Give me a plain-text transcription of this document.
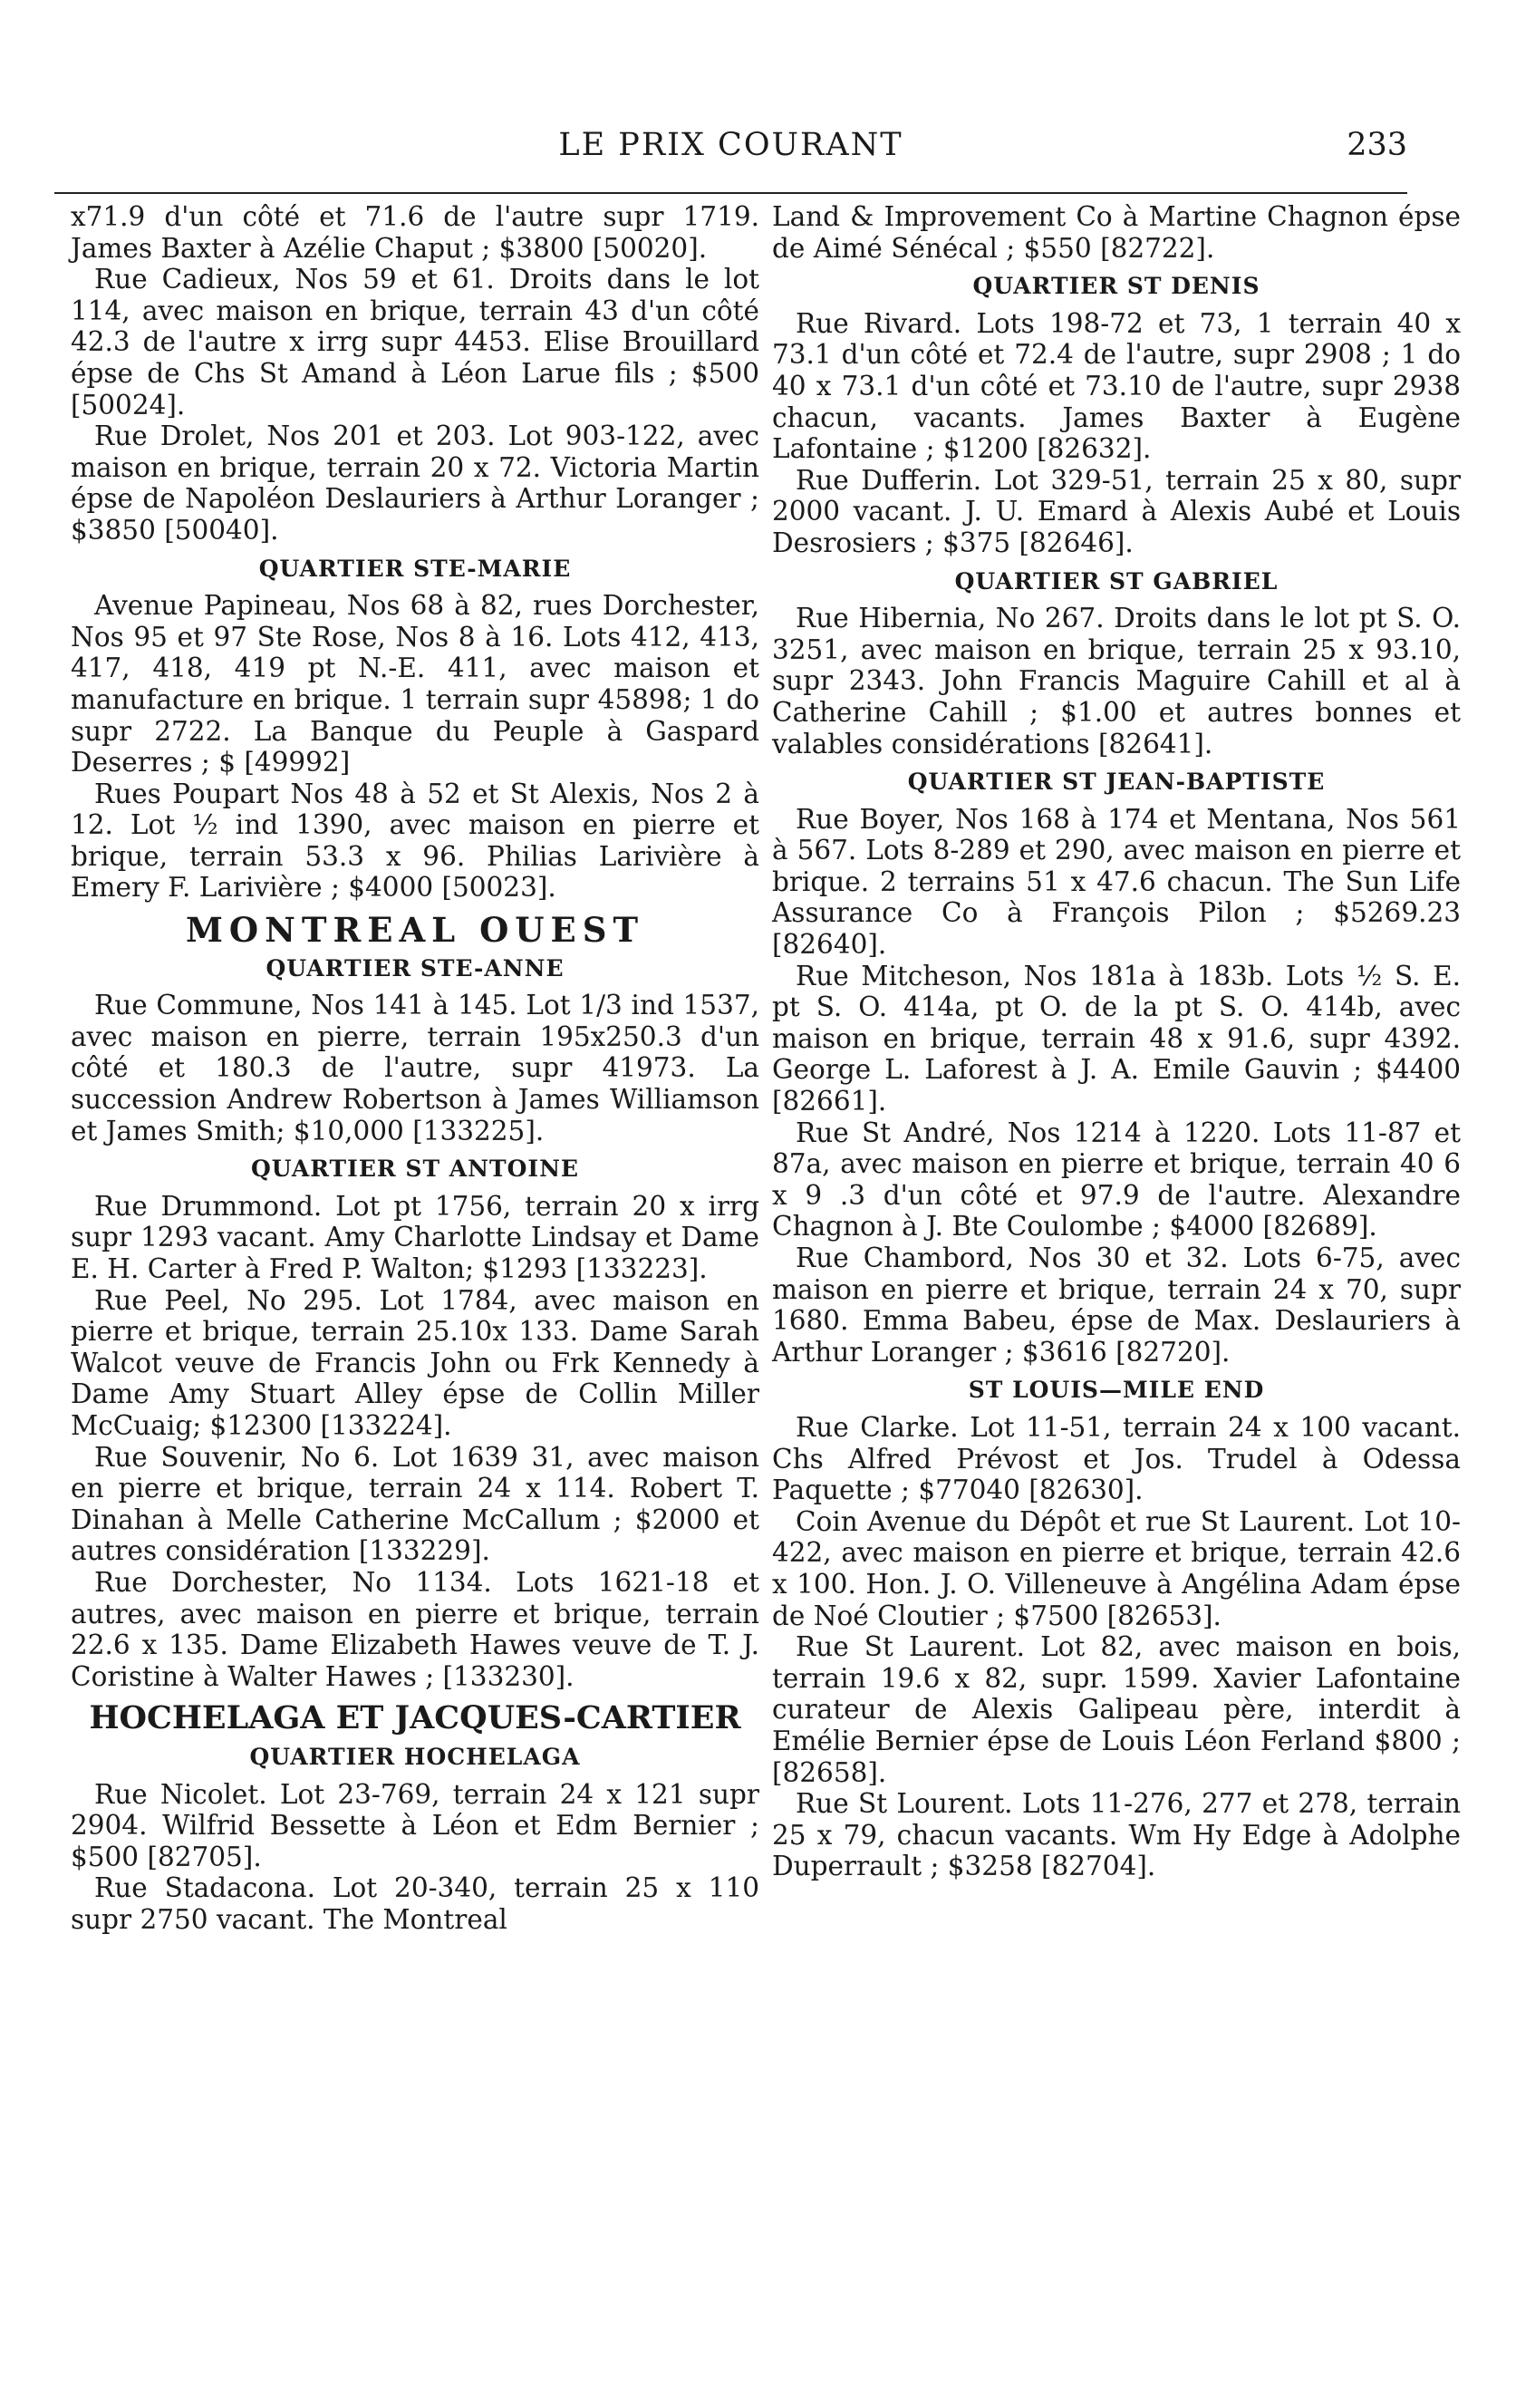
LE PRIX COURANT	233

x71.9 d'un côté et 71.6 de l'autre supr 1719. James Baxter à Azélie Chaput ; $3800 [50020].

Rue Cadieux, Nos 59 et 61. Droits dans le lot 114, avec maison en brique, terrain 43 d'un côté 42.3 de l'autre x irrg supr 4453. Elise Brouillard épse de Chs St Amand à Léon Larue fils ; $500 [50024].

Rue Drolet, Nos 201 et 203. Lot 903-122, avec maison en brique, terrain 20 x 72. Victoria Martin épse de Napoléon Deslauriers à Arthur Loranger ; $3850 [50040].

QUARTIER STE-MARIE

Avenue Papineau, Nos 68 à 82, rues Dorchester, Nos 95 et 97 Ste Rose, Nos 8 à 16. Lots 412, 413, 417, 418, 419 pt N.-E. 411, avec maison et manufacture en brique. 1 terrain supr 45898; 1 do supr 2722. La Banque du Peuple à Gaspard Deserres ; $ [49992]

Rues Poupart Nos 48 à 52 et St Alexis, Nos 2 à 12. Lot ½ ind 1390, avec maison en pierre et brique, terrain 53.3 x 96. Philias Larivière à Emery F. Larivière ; $4000 [50023].

MONTREAL OUEST
QUARTIER STE-ANNE

Rue Commune, Nos 141 à 145. Lot 1/3 ind 1537, avec maison en pierre, terrain 195x250.3 d'un côté et 180.3 de l'autre, supr 41973. La succession Andrew Robertson à James Williamson et James Smith; $10,000 [133225].

QUARTIER ST ANTOINE

Rue Drummond. Lot pt 1756, terrain 20 x irrg supr 1293 vacant. Amy Charlotte Lindsay et Dame E. H. Carter à Fred P. Walton; $1293 [133223].

Rue Peel, No 295. Lot 1784, avec maison en pierre et brique, terrain 25.10x 133. Dame Sarah Walcot veuve de Francis John ou Frk Kennedy à Dame Amy Stuart Alley épse de Collin Miller McCuaig; $12300 [133224].

Rue Souvenir, No 6. Lot 1639 31, avec maison en pierre et brique, terrain 24 x 114. Robert T. Dinahan à Melle Catherine McCallum ; $2000 et autres considération [133229].

Rue Dorchester, No 1134. Lots 1621-18 et autres, avec maison en pierre et brique, terrain 22.6 x 135. Dame Elizabeth Hawes veuve de T. J. Coristine à Walter Hawes ; [133230].

HOCHELAGA ET JACQUES-CARTIER
QUARTIER HOCHELAGA

Rue Nicolet. Lot 23-769, terrain 24 x 121 supr 2904. Wilfrid Bessette à Léon et Edm Bernier ; $500 [82705].

Rue Stadacona. Lot 20-340, terrain 25 x 110 supr 2750 vacant. The Montreal

Land & Improvement Co à Martine Chagnon épse de Aimé Sénécal ; $550 [82722].

QUARTIER ST DENIS

Rue Rivard. Lots 198-72 et 73, 1 terrain 40 x 73.1 d'un côté et 72.4 de l'autre, supr 2908 ; 1 do 40 x 73.1 d'un côté et 73.10 de l'autre, supr 2938 chacun, vacants. James Baxter à Eugène Lafontaine ; $1200 [82632].

Rue Dufferin. Lot 329-51, terrain 25 x 80, supr 2000 vacant. J. U. Emard à Alexis Aubé et Louis Desrosiers ; $375 [82646].

QUARTIER ST GABRIEL

Rue Hibernia, No 267. Droits dans le lot pt S. O. 3251, avec maison en brique, terrain 25 x 93.10, supr 2343. John Francis Maguire Cahill et al à Catherine Cahill ; $1.00 et autres bonnes et valables considérations [82641].

QUARTIER ST JEAN-BAPTISTE

Rue Boyer, Nos 168 à 174 et Mentana, Nos 561 à 567. Lots 8-289 et 290, avec maison en pierre et brique. 2 terrains 51 x 47.6 chacun. The Sun Life Assurance Co à François Pilon ; $5269.23 [82640].

Rue Mitcheson, Nos 181a à 183b. Lots ½ S. E. pt S. O. 414a, pt O. de la pt S. O. 414b, avec maison en brique, terrain 48 x 91.6, supr 4392. George L. Laforest à J. A. Emile Gauvin ; $4400 [82661].

Rue St André, Nos 1214 à 1220. Lots 11-87 et 87a, avec maison en pierre et brique, terrain 40 6 x 9 .3 d'un côté et 97.9 de l'autre. Alexandre Chagnon à J. Bte Coulombe ; $4000 [82689].

Rue Chambord, Nos 30 et 32. Lots 6-75, avec maison en pierre et brique, terrain 24 x 70, supr 1680. Emma Babeu, épse de Max. Deslauriers à Arthur Loranger ; $3616 [82720].

ST LOUIS—MILE END

Rue Clarke. Lot 11-51, terrain 24 x 100 vacant. Chs Alfred Prévost et Jos. Trudel à Odessa Paquette ; $77040 [82630].

Coin Avenue du Dépôt et rue St Laurent. Lot 10-422, avec maison en pierre et brique, terrain 42.6 x 100. Hon. J. O. Villeneuve à Angélina Adam épse de Noé Cloutier ; $7500 [82653].

Rue St Laurent. Lot 82, avec maison en bois, terrain 19.6 x 82, supr. 1599. Xavier Lafontaine curateur de Alexis Galipeau père, interdit à Emélie Bernier épse de Louis Léon Ferland $800 ; [82658].

Rue St Lourent. Lots 11-276, 277 et 278, terrain 25 x 79, chacun vacants. Wm Hy Edge à Adolphe Duperrault ; $3258 [82704].
